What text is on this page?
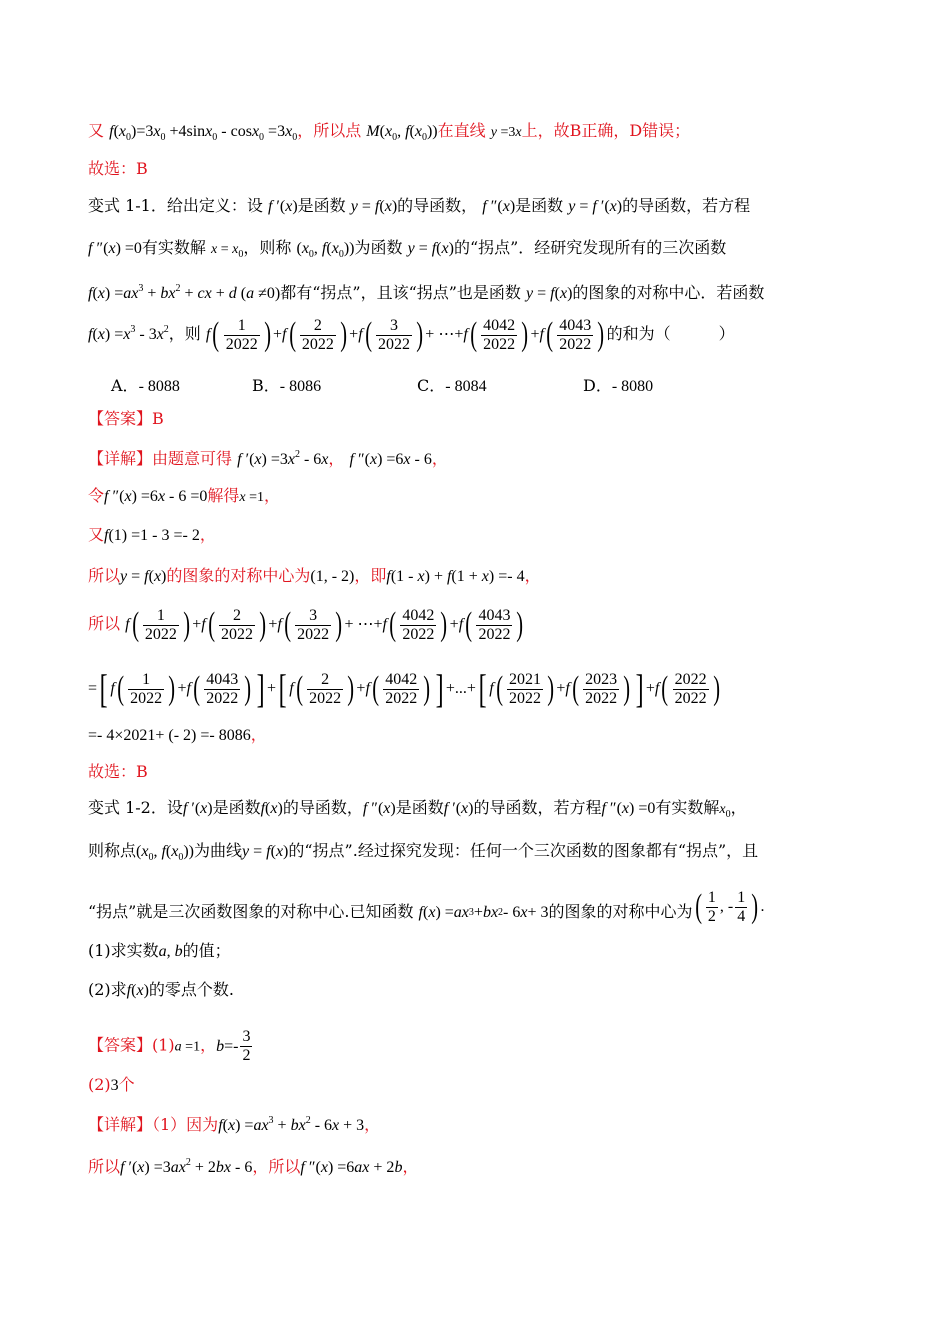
又 $f(x_0)=3x_0 +4\sin x_0 - \cos x_0 =3x_0$，所以点 $M(x_0$, $f(x_0)$)在直线 y =3x上，故B正确，D错误；
故选：B
变式 1-1．给出定义：设 f ′(x)是函数 y = f(x)的导函数， f ″(x)是函数 y = f ′(x)的导函数，若方程
f ″(x) =0有实数解 $x = x_0$，则称 ($x_0$, $f(x_0)$)为函数 y = f(x)的“拐点”．经研究发现所有的三次函数
$f(x) =ax^3 + bx^2$ + cx + d (a ≠0)都有“拐点”，且该“拐点”也是函数 y = f(x)的图象的对称中心．若函数
$f(x) =x^3 - 3x^2$，则 f ( $\frac{1}{2022}$ ) + f ( $\frac{2}{2022}$ ) + f ( $\frac{3}{2022}$ ) + ⋯+ f ( $\frac{4042}{2022}$ ) + f ( $\frac{4043}{2022}$ ) 的和为（　　　）
A．- 8088	B．- 8086	C．- 8084	D．- 8080
【答案】B
【详解】由题意可得 f $'(x) =3x^2 - 6x$， f ″(x) =6x - 6，
令f ″(x) =6x - 6 =0解得x =1，
又f(1) =1 - 3 =- 2，
所以y = f(x)的图象的对称中心为(1, - 2)，即f(1 - x) + f(1 + x) =- 4，
所以 f ( $\frac{1}{2022}$ ) + f ( $\frac{2}{2022}$ ) + f ( $\frac{3}{2022}$ ) + ⋯+ f ( $\frac{4042}{2022}$ ) + f ( $\frac{4043}{2022}$ )
= [ f ( $\frac{1}{2022}$ ) + f ( $\frac{4043}{2022}$ ) ] + [ f ( $\frac{2}{2022}$ ) + f ( $\frac{4042}{2022}$ ) ] +...+ [ f ( $\frac{2021}{2022}$ ) + f ( $\frac{2023}{2022}$ ) ] + f ( $\frac{2022}{2022}$ )
=- 4×2021+ (- 2) =- 8086，
故选：B
变式 1-2．设f ′(x)是函数f(x)的导函数，f ″(x)是函数f ′(x)的导函数，若方程f ″(x) =0有实数解$x_0$，
则称点($x_0$, $f(x_0)$)为曲线y = f(x)的“拐点”.经过探究发现：任何一个三次函数的图象都有“拐点”，且
“拐点”就是三次函数图象的对称中心.已知函数 f ( x ) = ax 3 + bx 2 - 6 x + 3的图象的对称中心为 ( $\frac{1}{2}$ , - $\frac{1}{4}$ ) .
(1)求实数a, b的值；
(2)求f(x)的零点个数.
【答案】(1)a =1， $b =- \frac{3}{2}$
(2)3个
【详解】（1）因为$f(x) =ax^3 + bx^2 - 6x + 3$，
所以f $'(x) =3ax^2 + 2bx - 6$，所以f ″(x) =6ax + 2b，
